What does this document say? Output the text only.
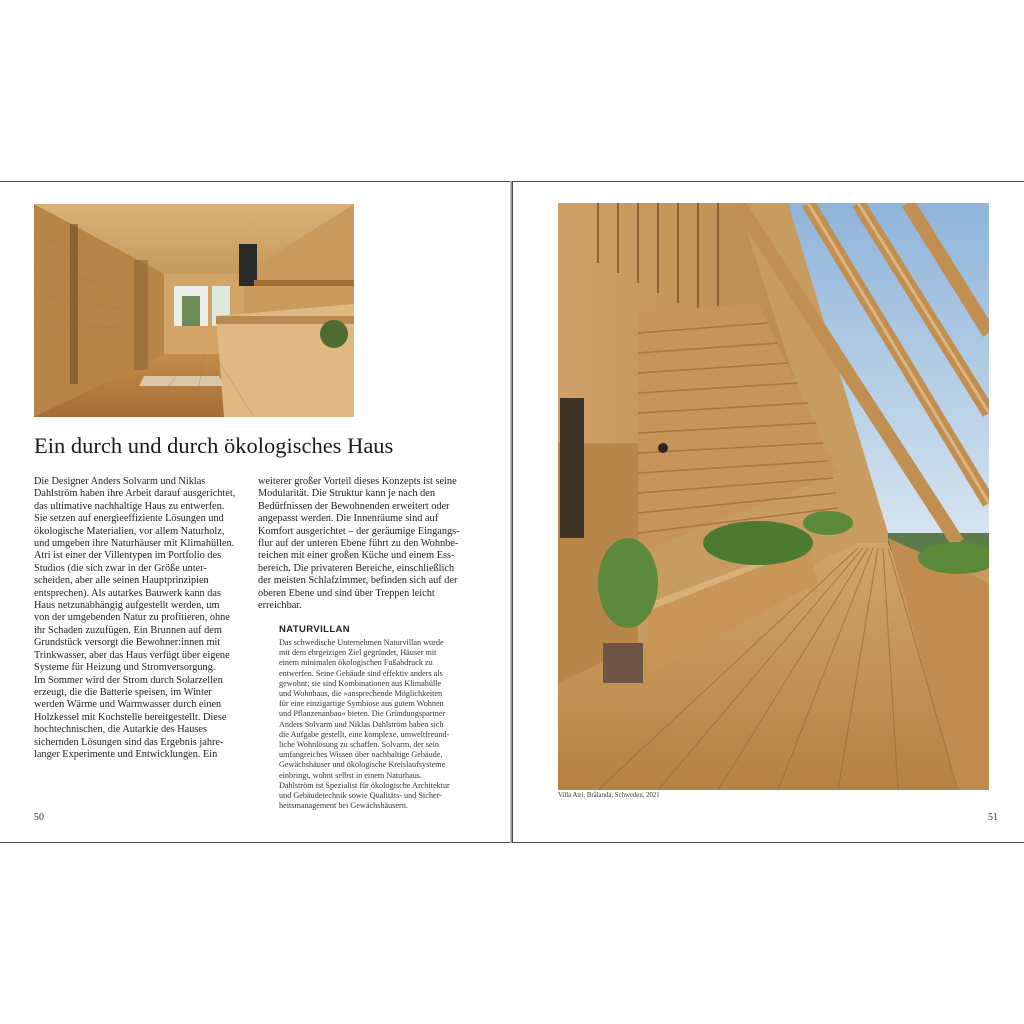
Ein durch und durch ökologisches Haus
Die Designer Anders Solvarm und Niklas
Dahlström haben ihre Arbeit darauf ausgerichtet,
das ultimative nachhaltige Haus zu entwerfen.
Sie setzen auf energieeffiziente Lösungen und
ökologische Materialien, vor allem Naturholz,
und umgeben ihre Naturhäuser mit Klimahüllen.
Atri ist einer der Villentypen im Portfolio des
Studios (die sich zwar in der Größe unter-
scheiden, aber alle seinen Hauptprinzipien
entsprechen). Als autarkes Bauwerk kann das
Haus netzunabhängig aufgestellt werden, um
von der umgebenden Natur zu profitieren, ohne
ihr Schaden zuzufügen. Ein Brunnen auf dem
Grundstück versorgt die Bewohner:innen mit
Trinkwasser, aber das Haus verfügt über eigene
Systeme für Heizung und Stromversorgung.
Im Sommer wird der Strom durch Solarzellen
erzeugt, die die Batterie speisen, im Winter
werden Wärme und Warmwasser durch einen
Holzkessel mit Kochstelle bereitgestellt. Diese
hochtechnischen, die Autarkie des Hauses
sichernden Lösungen sind das Ergebnis jahre-
langer Experimente und Entwicklungen. Ein
weiterer großer Vorteil dieses Konzepts ist seine
Modularität. Die Struktur kann je nach den
Bedürfnissen der Bewohnenden erweitert oder
angepasst werden. Die Innenräume sind auf
Komfort ausgerichtet – der geräumige Eingangs-
flur auf der unteren Ebene führt zu den Wohnbe-
reichen mit einer großen Küche und einem Ess-
bereich. Die privateren Bereiche, einschließlich
der meisten Schlafzimmer, befinden sich auf der
oberen Ebene und sind über Treppen leicht
erreichbar.
NATURVILLAN
Das schwedische Unternehmen Naturvillan wurde
mit dem ehrgeizigen Ziel gegründet, Häuser mit
einem minimalen ökologischen Fußabdruck zu
entwerfen. Seine Gebäude sind effektiv anders als
gewohnt; sie sind Kombinationen aus Klimahülle
und Wohnhaus, die »ansprechende Möglichkeiten
für eine einzigartige Symbiose aus gutem Wohnen
und Pflanzenanbau« bieten. Die Gründungspartner
Anders Solvarm und Niklas Dahlström haben sich
die Aufgabe gestellt, eine komplexe, umweltfreund-
liche Wohnlösung zu schaffen. Solvarm, der sein
umfangreiches Wissen über nachhaltige Gebäude,
Gewächshäuser und ökologische Kreislaufsysteme
einbringt, wohnt selbst in einem Naturhaus.
Dahlström ist Spezialist für ökologische Architektur
und Gebäudetechnik sowie Qualitäts- und Sicher-
heitsmanagement bei Gewächshäusern.
50
Villa Atri, Brålanda, Schweden, 2021
51
